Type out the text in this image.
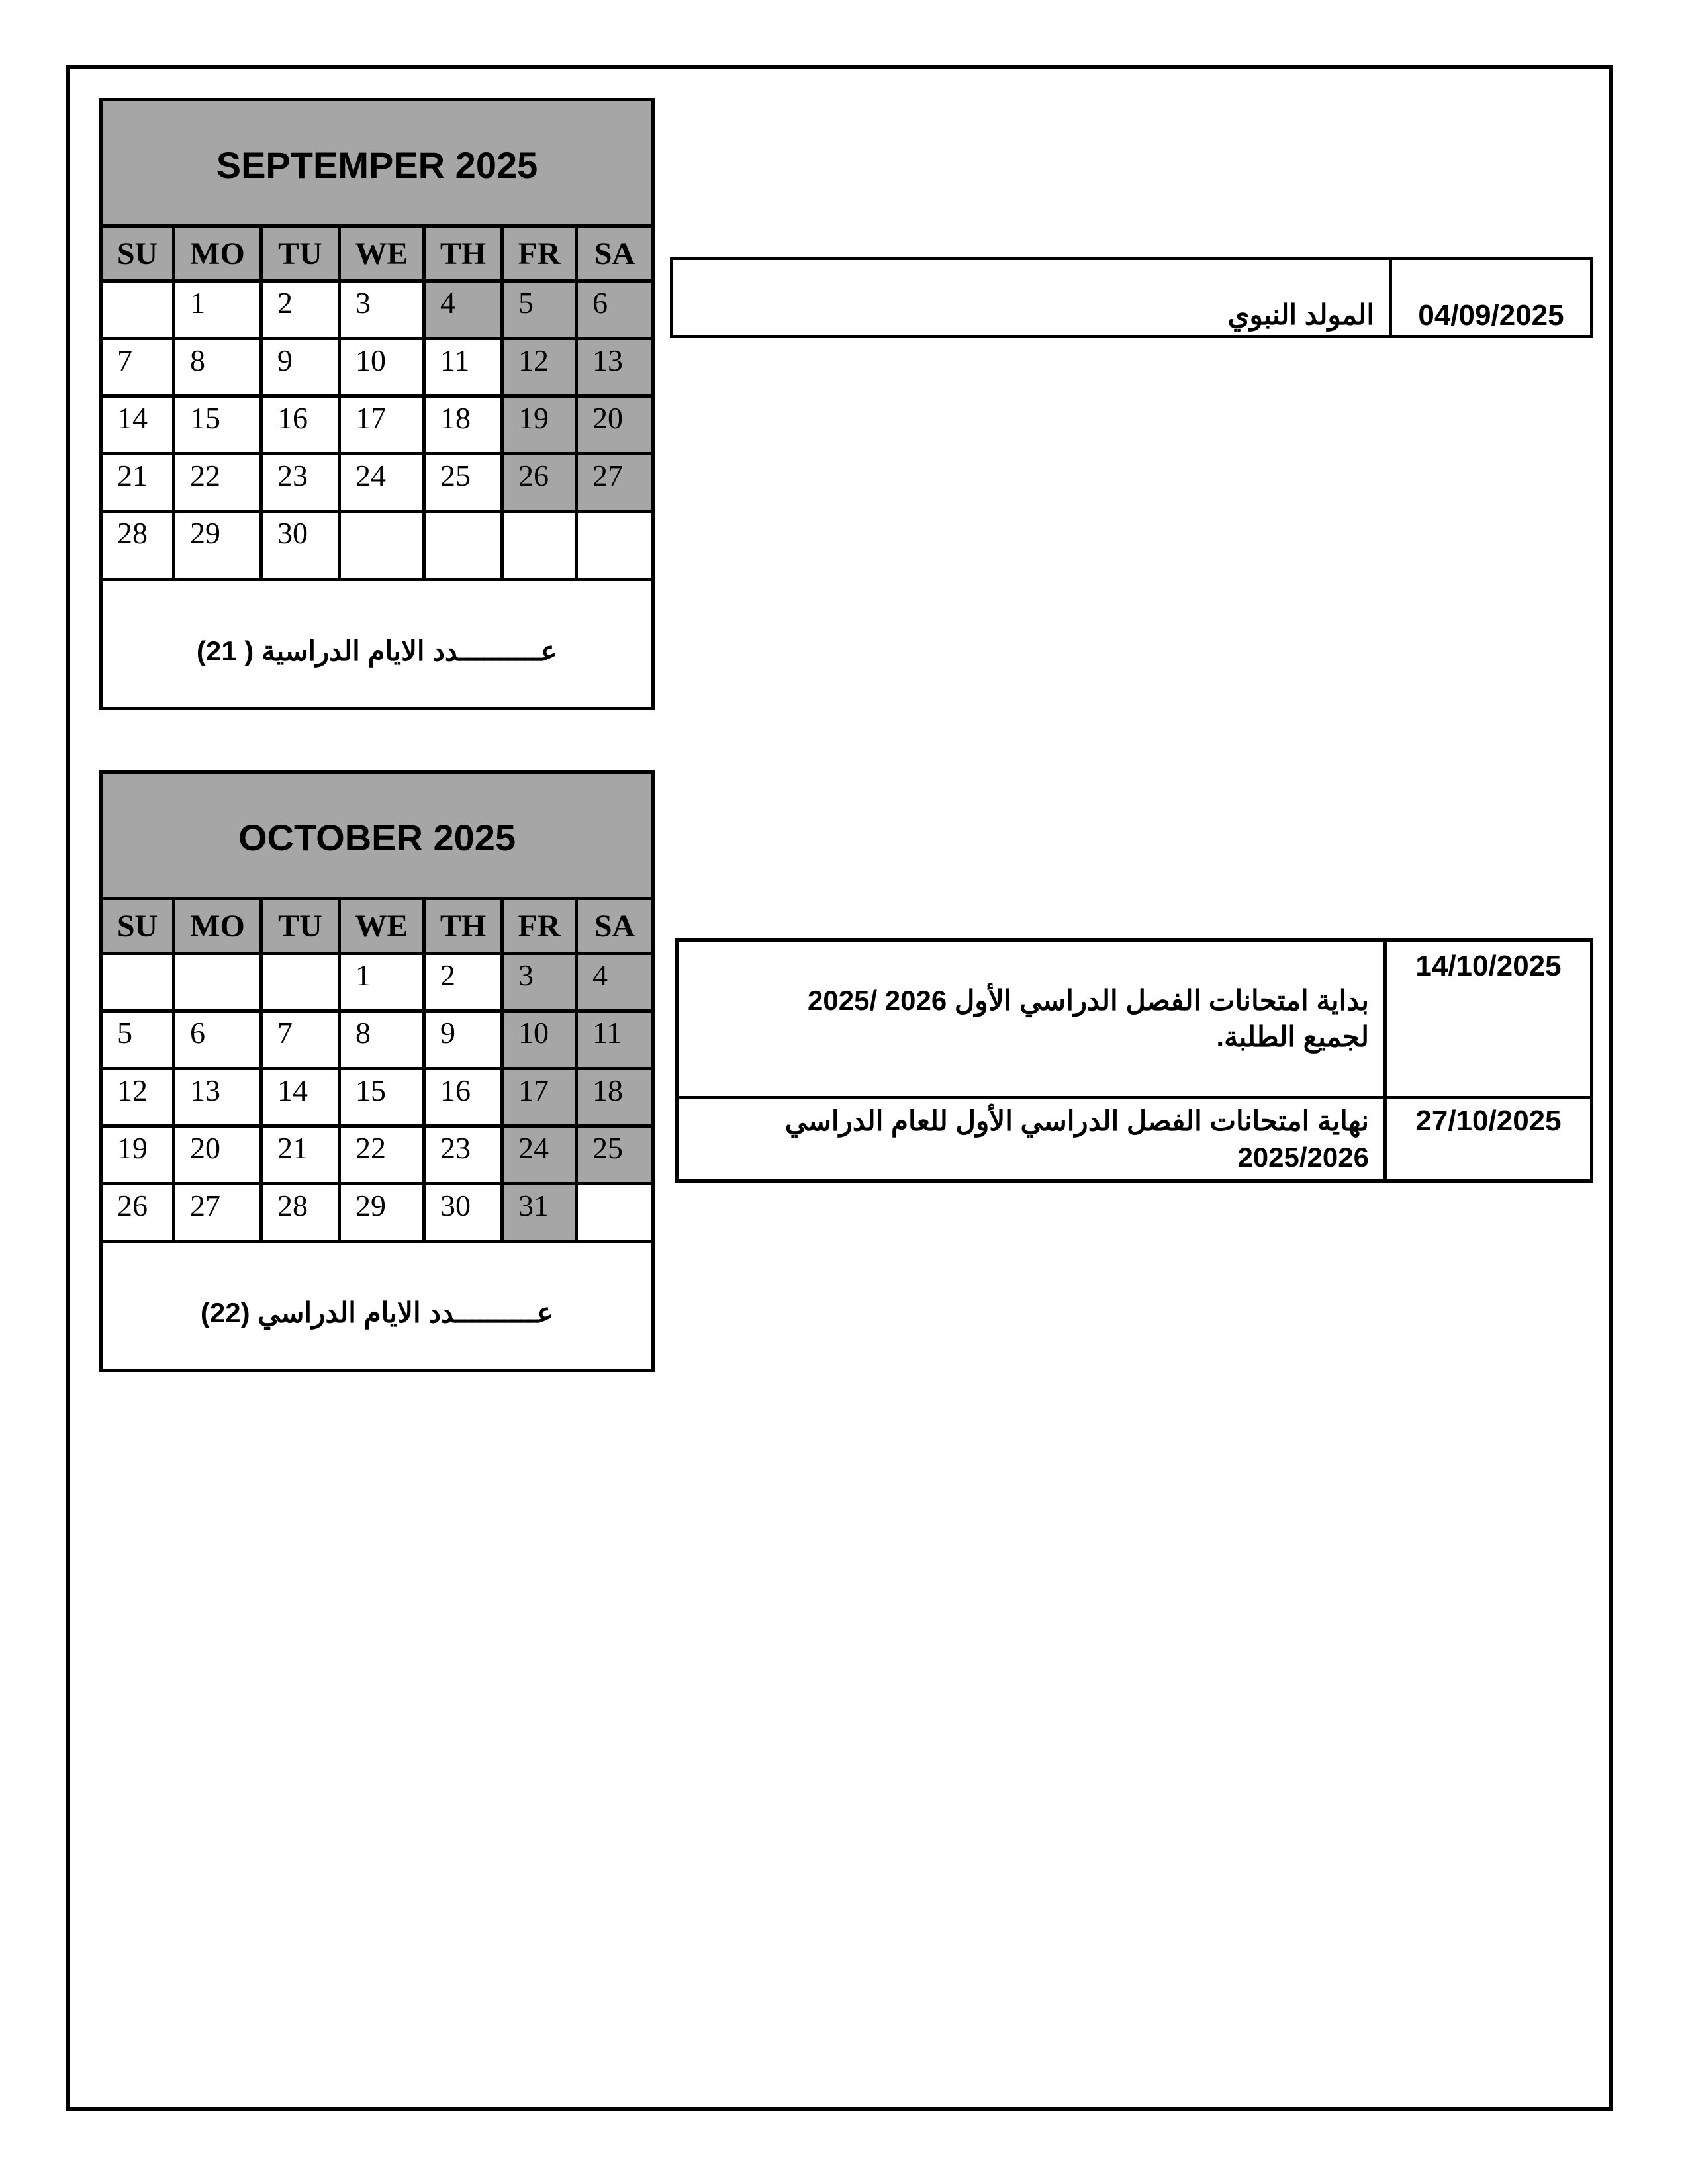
SEPTEMPER 2025						
SU	MO	TU	WE	TH	FR	SA
	1	2	3	4	5	6
7	8	9	10	11	12	13
14	15	16	17	18	19	20
21	22	23	24	25	26	27
28	29	30				
عــــــــــدد الايام الدراسية ( 21)						
المولد النبوي	04/09/2025
OCTOBER 2025						
SU	MO	TU	WE	TH	FR	SA
			1	2	3	4
5	6	7	8	9	10	11
12	13	14	15	16	17	18
19	20	21	22	23	24	25
26	27	28	29	30	31	
عــــــــــدد الايام الدراسي (22)						
بداية امتحانات الفصل الدراسي الأول 2026 /2025 لجميع الطلبة.	14/10/2025
نهاية امتحانات الفصل الدراسي الأول للعام الدراسي 2025/2026	27/10/2025
